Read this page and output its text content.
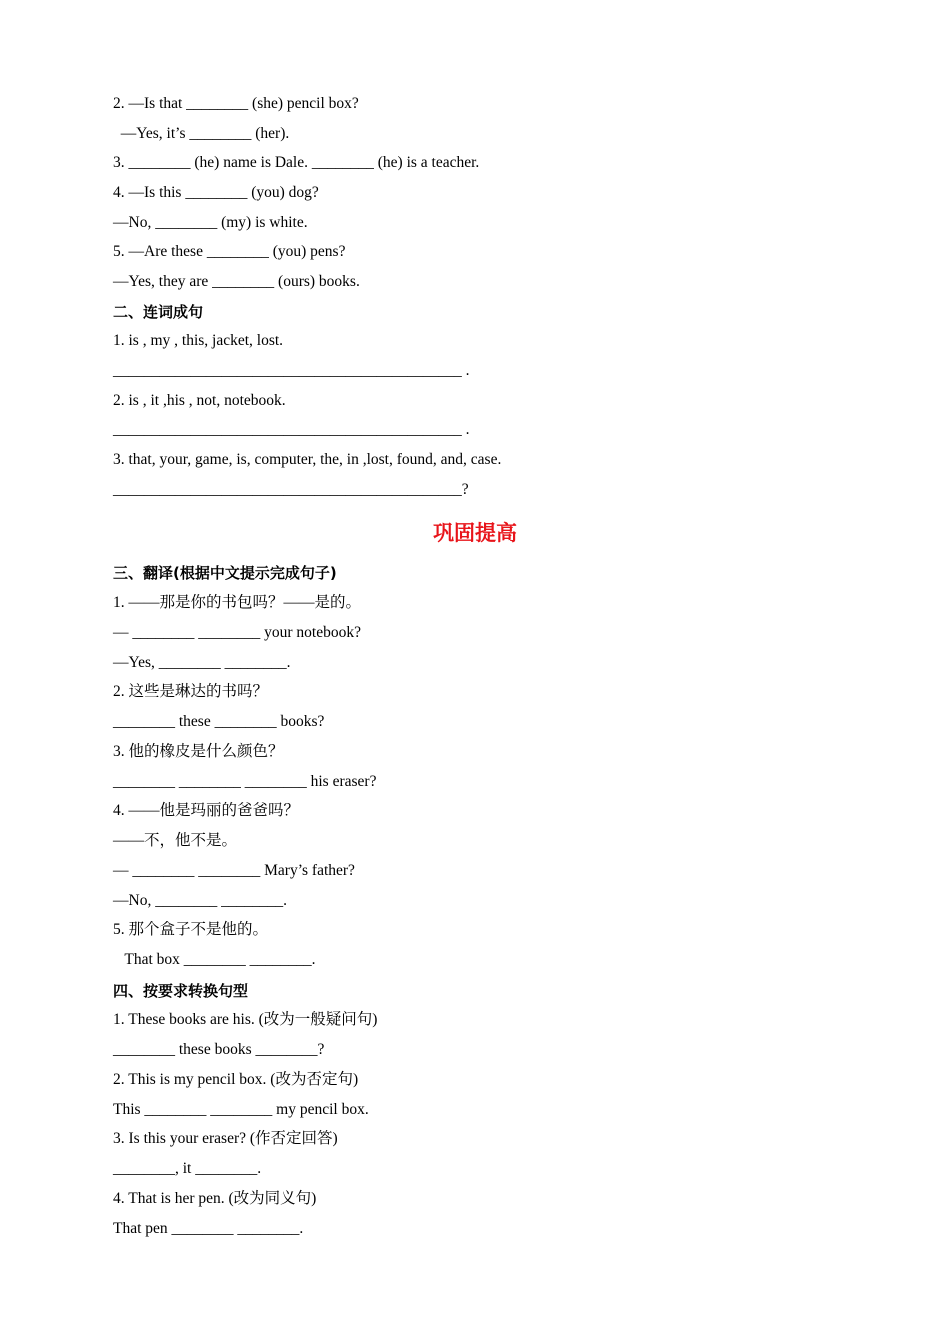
2. —Is that ________ (she) pencil box?
—Yes, it’s ________ (her).
3. ________ (he) name is Dale. ________ (he) is a teacher.
4. —Is this ________ (you) dog?
—No, ________ (my) is white.
5. —Are these ________ (you) pens?
—Yes, they are ________ (ours) books.
二、连词成句
1. is , my , this, jacket, lost.
_____________________________________________ .
2. is , it ,his , not, notebook.
_____________________________________________ .
3. that, your, game, is, computer, the, in ,lost, found, and, case.
_____________________________________________?
巩固提高
三、翻译(根据中文提示完成句子)
1. ——那是你的书包吗？——是的。
— ________ ________ your notebook?
—Yes, ________ ________.
2. 这些是琳达的书吗？
________ these ________ books?
3. 他的橡皮是什么颜色？
________ ________ ________ his eraser?
4. ——他是玛丽的爸爸吗？
——不，他不是。
— ________ ________ Mary’s father?
—No, ________ ________.
5. 那个盒子不是他的。
That box ________ ________.
四、按要求转换句型
1. These books are his. (改为一般疑问句)
________ these books ________?
2. This is my pencil box. (改为否定句)
This ________ ________ my pencil box.
3. Is this your eraser? (作否定回答)
________, it ________.
4. That is her pen. (改为同义句)
That pen ________ ________.
